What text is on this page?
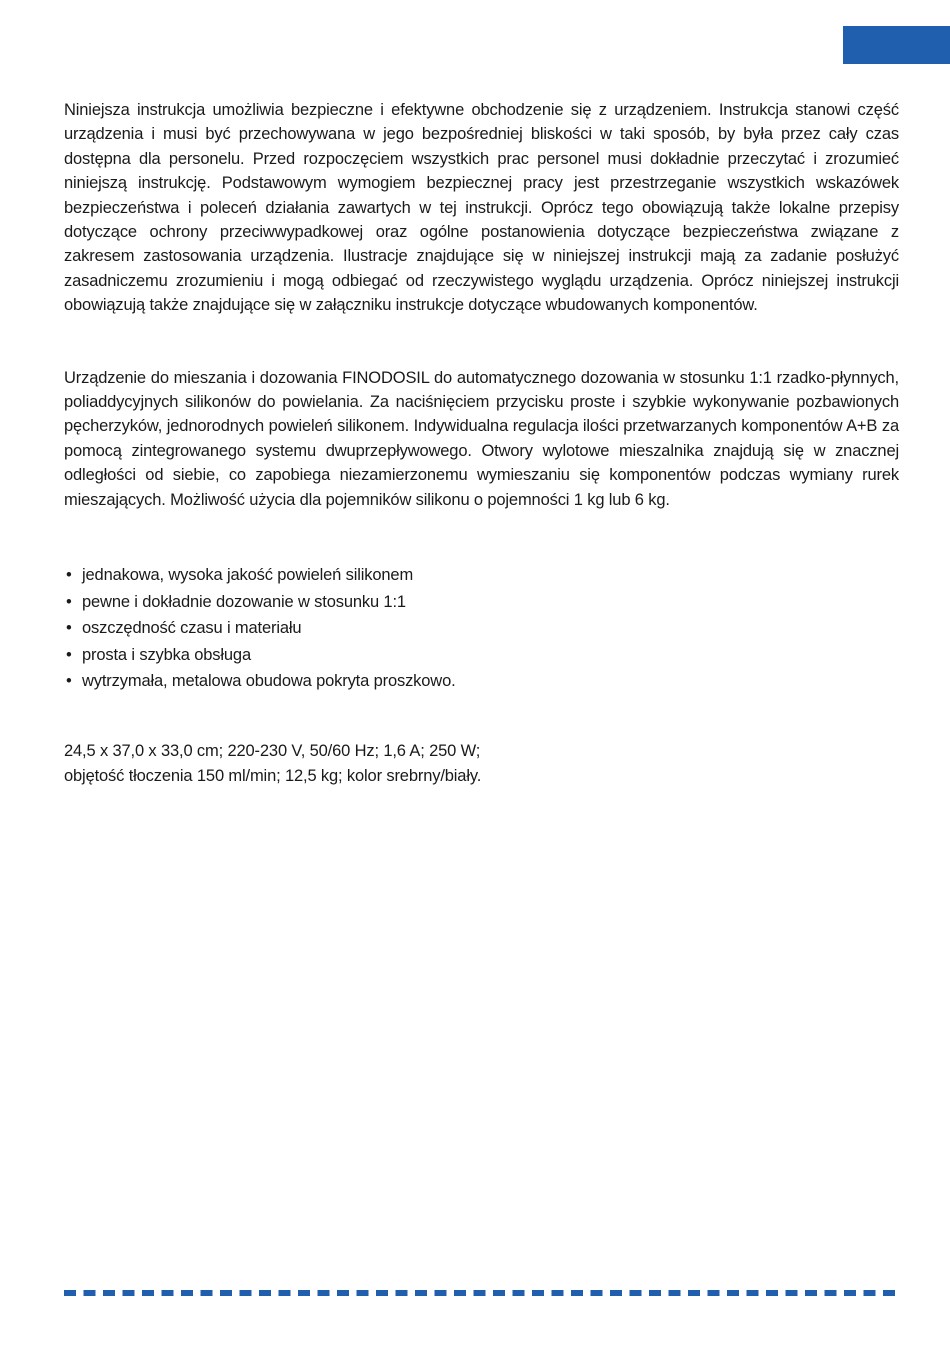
Niniejsza instrukcja umożliwia bezpieczne i efektywne obchodzenie się z urządzeniem. Instrukcja stanowi część urządzenia i musi być przechowywana w jego bezpośredniej bliskości w taki sposób, by była przez cały czas dostępna dla personelu. Przed rozpoczęciem wszystkich prac personel musi dokładnie przeczytać i zrozumieć niniejszą instrukcję. Podstawowym wymogiem bezpiecznej pracy jest przestrzeganie wszystkich wskazówek bezpieczeństwa i poleceń działania zawartych w tej instrukcji. Oprócz tego obowiązują także lokalne przepisy dotyczące ochrony przeciwwypadkowej oraz ogólne postanowienia dotyczące bezpieczeństwa związane z zakresem zastosowania urządzenia. Ilustracje znajdujące się w niniejszej instrukcji mają za zadanie posłużyć zasadniczemu zrozumieniu i mogą odbiegać od rzeczywistego wyglądu urządzenia. Oprócz niniejszej instrukcji obowiązują także znajdujące się w załączniku instrukcje dotyczące wbudowanych komponentów.

Urządzenie do mieszania i dozowania FINODOSIL do automatycznego dozowania w stosunku 1:1 rzadko-płynnych, poliaddycyjnych silikonów do powielania. Za naciśnięciem przycisku proste i szybkie wykonywanie pozbawionych pęcherzyków, jednorodnych powieleń silikonem. Indywidualna regulacja ilości przetwarzanych komponentów A+B za pomocą zintegrowanego systemu dwuprzepływowego. Otwory wylotowe mieszalnika znajdują się w znacznej odległości od siebie, co zapobiega niezamierzonemu wymieszaniu się komponentów podczas wymiany rurek mieszających. Możliwość użycia dla pojemników silikonu o pojemności 1 kg lub 6 kg.

• jednakowa, wysoka jakość powieleń silikonem
• pewne i dokładnie dozowanie w stosunku 1:1
• oszczędność czasu i materiału
• prosta i szybka obsługa
• wytrzymała, metalowa obudowa pokryta proszkowo.
24,5 x 37,0 x 33,0 cm; 220-230 V, 50/60 Hz; 1,6 A; 250 W;
objętość tłoczenia 150 ml/min; 12,5 kg; kolor srebrny/biały.
